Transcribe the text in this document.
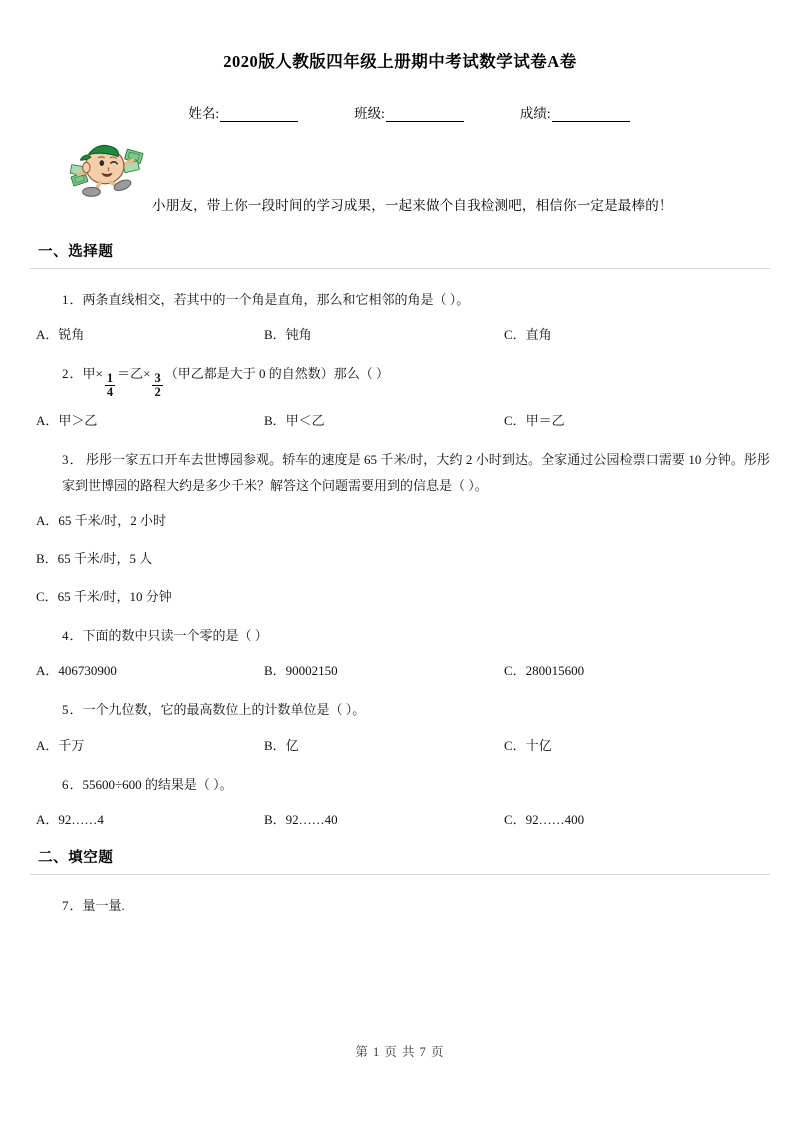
2020版人教版四年级上册期中考试数学试卷A卷
姓名:	班级:	成绩:
小朋友，带上你一段时间的学习成果，一起来做个自我检测吧，相信你一定是最棒的！
一、选择题
1．两条直线相交，若其中的一个角是直角，那么和它相邻的角是（ ）。
A．锐角	B．钝角	C．直角
2．甲× $\frac{1}{4}$ ＝乙× $\frac{3}{2}$ （甲乙都是大于 0 的自然数）那么（ ）
A．甲＞乙	B．甲＜乙	C．甲＝乙
3． 彤彤一家五口开车去世博园参观。轿车的速度是 65 千米/时，大约 2 小时到达。全家通过公园检票口需要 10 分钟。彤彤家到世博园的路程大约是多少千米？解答这个问题需要用到的信息是（ ）。
A．65 千米/时，2 小时
B．65 千米/时，5 人
C．65 千米/时，10 分钟
4．下面的数中只读一个零的是（ ）
A．406730900	B．90002150	C．280015600
5．一个九位数，它的最高数位上的计数单位是（ ）。
A．千万	B．亿	C．十亿
6．55600÷600 的结果是（ ）。
A．92……4	B．92……40	C．92……400
二、填空题
7．量一量.
第 1 页 共 7 页
